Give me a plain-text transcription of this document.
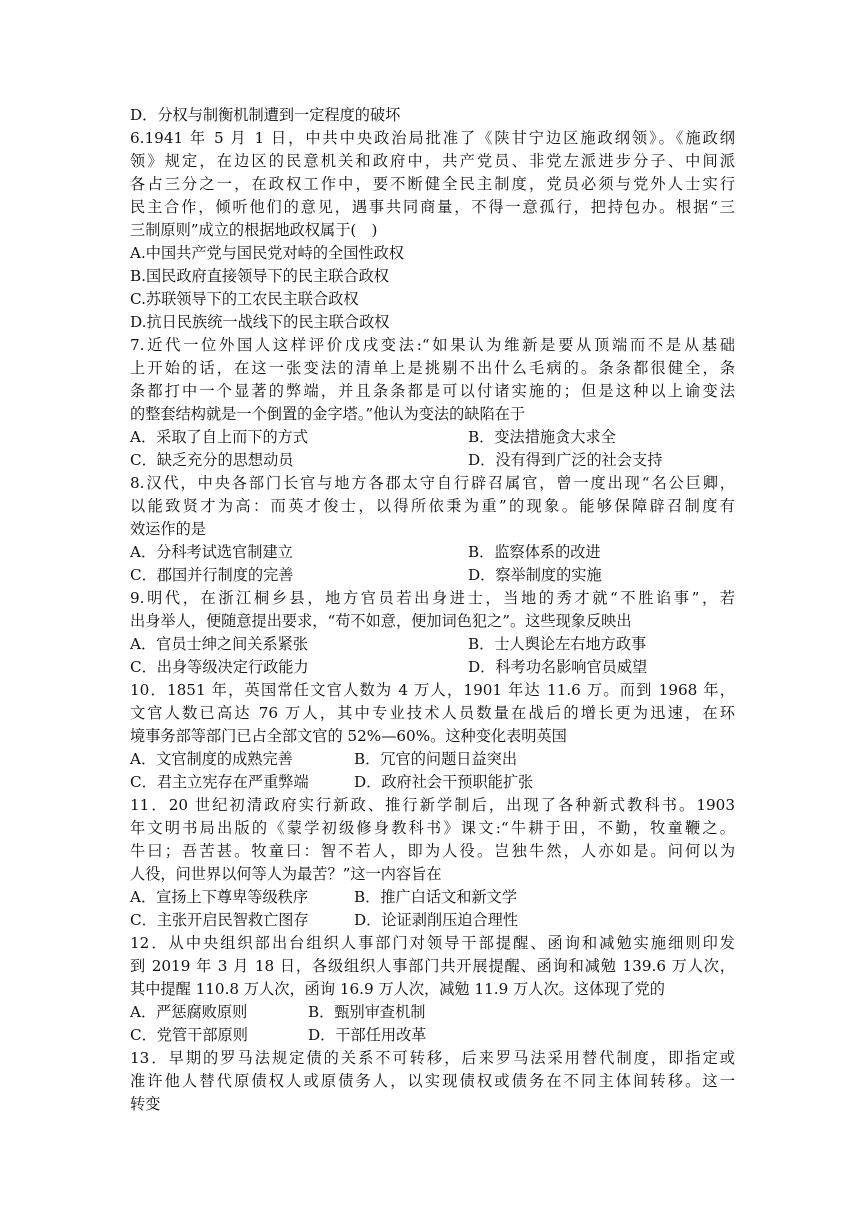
D．分权与制衡机制遭到一定程度的破坏
6.1941 年 5 月 1 日，中共中央政治局批准了《陕甘宁边区施政纲领》。《施政纲
领》规定，在边区的民意机关和政府中，共产党员、非党左派进步分子、中间派
各占三分之一，在政权工作中，要不断健全民主制度，党员必须与党外人士实行
民主合作，倾听他们的意见，遇事共同商量，不得一意孤行，把持包办。根据“三
三制原则”成立的根据地政权属于(　)
A.中国共产党与国民党对峙的全国性政权
B.国民政府直接领导下的民主联合政权
C.苏联领导下的工农民主联合政权
D.抗日民族统一战线下的民主联合政权
7.近代一位外国人这样评价戊戌变法:“如果认为维新是要从顶端而不是从基础
上开始的话，在这一张变法的清单上是挑剔不出什么毛病的。条条都很健全，条
条都打中一个显著的弊端，并且条条都是可以付诸实施的；但是这种以上谕变法
的整套结构就是一个倒置的金字塔。”他认为变法的缺陷在于
A．采取了自上而下的方式	B．变法措施贪大求全
C．缺乏充分的思想动员	D．没有得到广泛的社会支持
8.汉代，中央各部门长官与地方各郡太守自行辟召属官，曾一度出现“名公巨卿，
以能致贤才为高：而英才俊士，以得所依秉为重”的现象。能够保障辟召制度有
效运作的是
A．分科考试选官制建立	B．监察体系的改进
C．郡国并行制度的完善	D．察举制度的实施
9.明代，在浙江桐乡县，地方官员若出身进士，当地的秀才就“不胜谄事”，若
出身举人，便随意提出要求，“苟不如意，便加词色犯之”。这些现象反映出
A．官员士绅之间关系紧张	B．士人舆论左右地方政事
C．出身等级决定行政能力	D．科考功名影响官员威望
10．1851 年，英国常任文官人数为 4 万人，1901 年达 11.6 万。而到 1968 年，
文官人数已高达 76 万人，其中专业技术人员数量在战后的增长更为迅速，在环
境事务部等部门已占全部文官的 52%—60%。这种变化表明英国
A．文官制度的成熟完善	B．冗官的问题日益突出
C．君主立宪存在严重弊端	D．政府社会干预职能扩张
11．20 世纪初清政府实行新政、推行新学制后，出现了各种新式教科书。1903
年文明书局出版的《蒙学初级修身教科书》课文:“牛耕于田，不勤，牧童鞭之。
牛曰；吾苦甚。牧童曰：智不若人，即为人役。岂独牛然，人亦如是。问何以为
人役，问世界以何等人为最苦？”这一内容旨在
A．宣扬上下尊卑等级秩序	B．推广白话文和新文学
C．主张开启民智救亡图存	D．论证剥削压迫合理性
12．从中央组织部出台组织人事部门对领导干部提醒、函询和减勉实施细则印发
到 2019 年 3 月 18 日，各级组织人事部门共开展提醒、函询和减勉 139.6 万人次，
其中提醒 110.8 万人次，函询 16.9 万人次，减勉 11.9 万人次。这体现了党的
A．严惩腐败原则	B．甄别审查机制
C．党管干部原则	D．干部任用改革
13．早期的罗马法规定债的关系不可转移，后来罗马法采用替代制度，即指定或
准许他人替代原债权人或原债务人，以实现债权或债务在不同主体间转移。这一
转变
